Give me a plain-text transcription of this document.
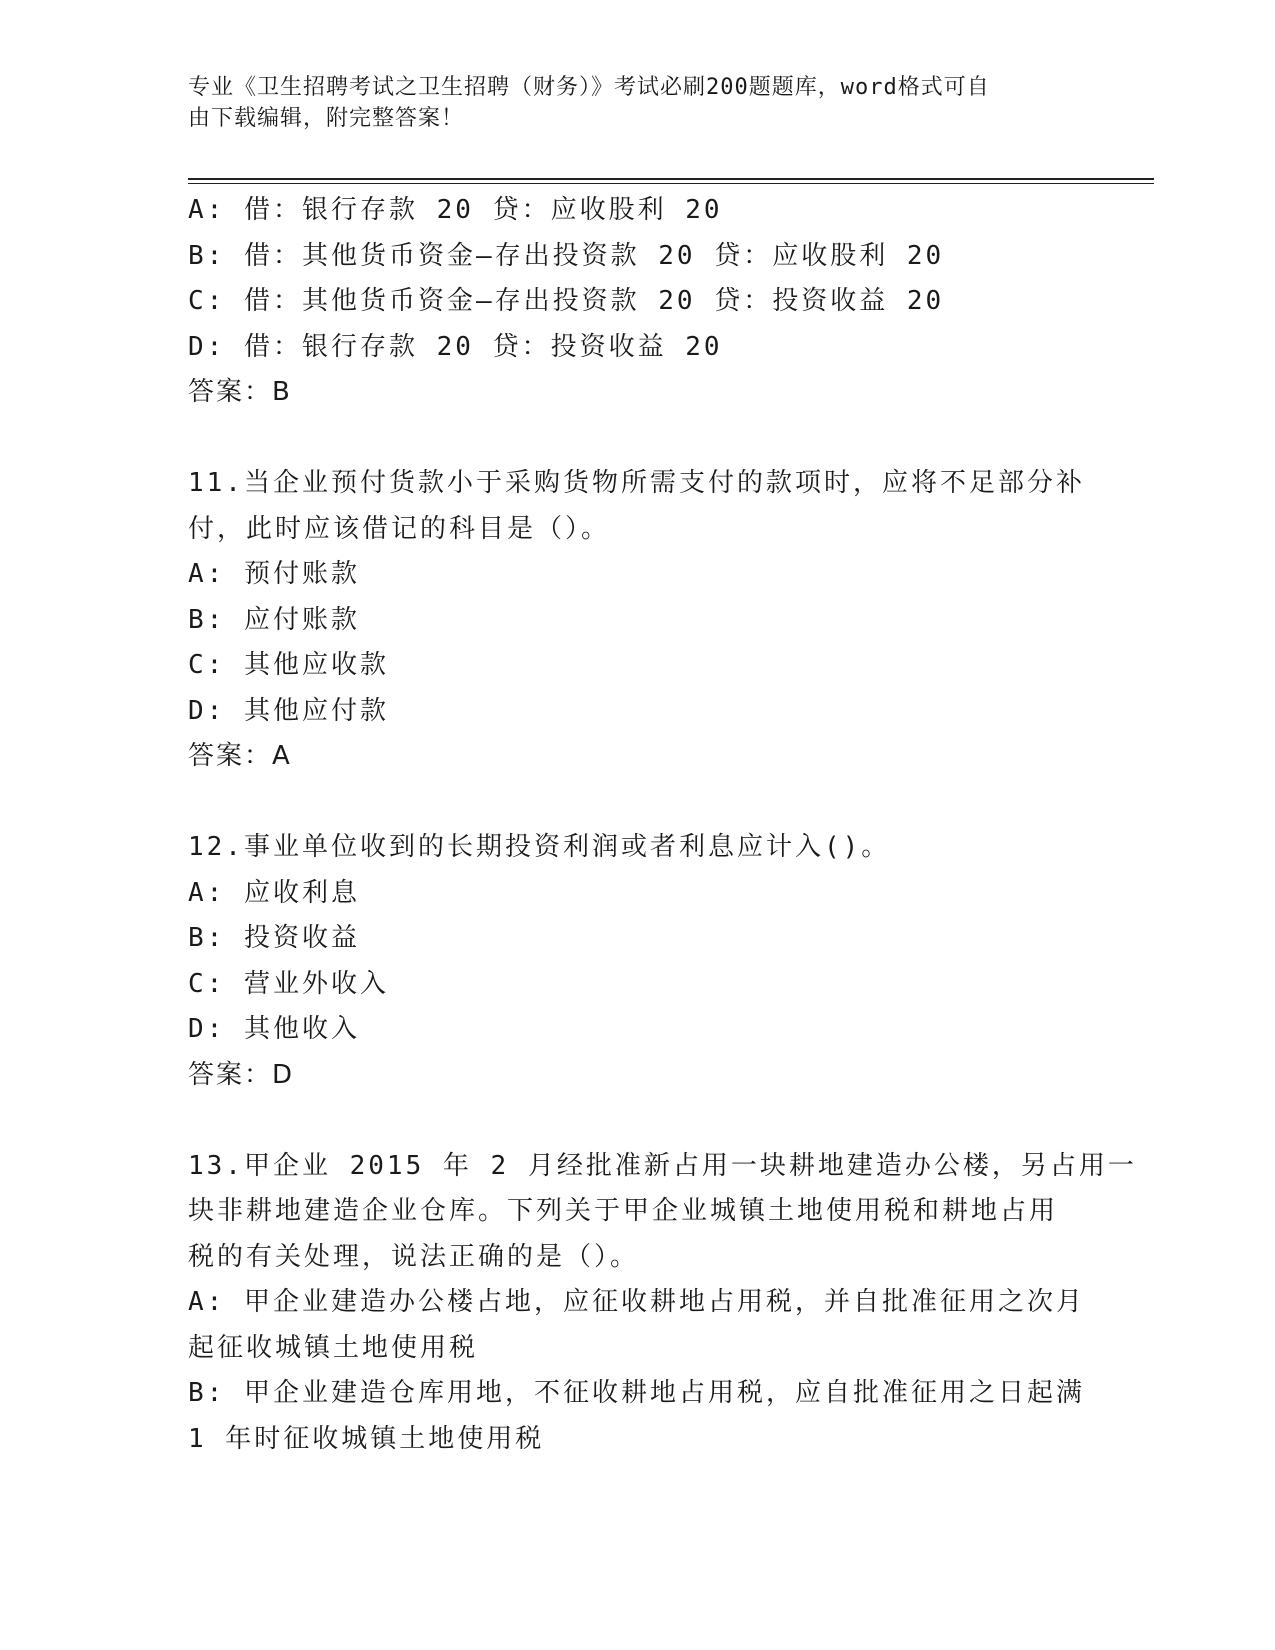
专业《卫生招聘考试之卫生招聘（财务）》考试必刷200题题库，word格式可自
由下载编辑，附完整答案！
A: 借：银行存款 20 贷：应收股利 20
B: 借：其他货币资金—存出投资款 20 贷：应收股利 20
C: 借：其他货币资金—存出投资款 20 贷：投资收益 20
D: 借：银行存款 20 贷：投资收益 20
答案：B
11.当企业预付货款小于采购货物所需支付的款项时，应将不足部分补
付，此时应该借记的科目是（）。
A: 预付账款
B: 应付账款
C: 其他应收款
D: 其他应付款
答案：A
12.事业单位收到的长期投资利润或者利息应计入()。
A: 应收利息
B: 投资收益
C: 营业外收入
D: 其他收入
答案：D
13.甲企业 2015 年 2 月经批准新占用一块耕地建造办公楼，另占用一
块非耕地建造企业仓库。下列关于甲企业城镇土地使用税和耕地占用
税的有关处理，说法正确的是（）。
A: 甲企业建造办公楼占地，应征收耕地占用税，并自批准征用之次月
起征收城镇土地使用税
B: 甲企业建造仓库用地，不征收耕地占用税，应自批准征用之日起满
1 年时征收城镇土地使用税
